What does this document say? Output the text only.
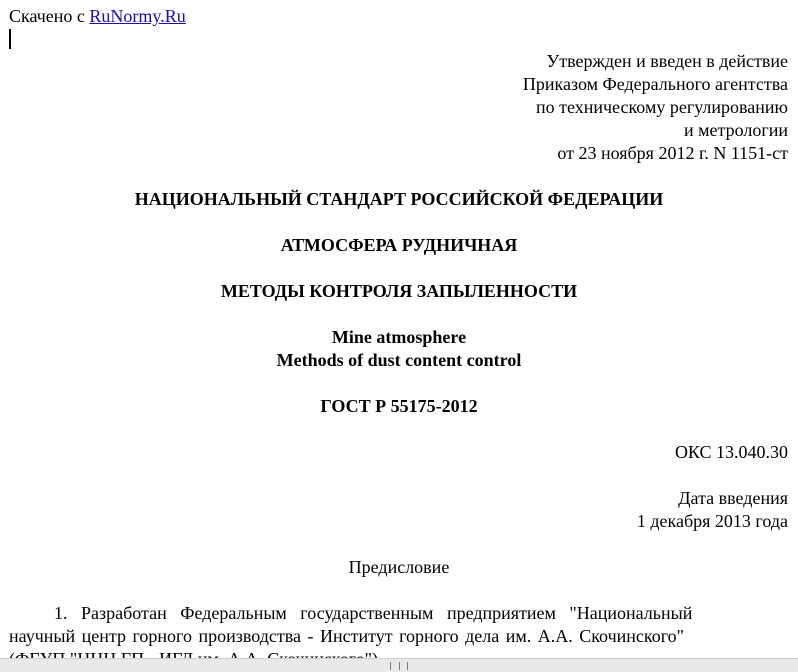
Скачено с RuNormy.Ru
Утвержден и введен в действие
Приказом Федерального агентства
по техническому регулированию
и метрологии
от 23 ноября 2012 г. N 1151-ст
НАЦИОНАЛЬНЫЙ СТАНДАРТ РОССИЙСКОЙ ФЕДЕРАЦИИ
АТМОСФЕРА РУДНИЧНАЯ
МЕТОДЫ КОНТРОЛЯ ЗАПЫЛЕННОСТИ
Mine atmosphere
Methods of dust content control
ГОСТ Р 55175-2012
ОКС 13.040.30
Дата введения
1 декабря 2013 года
Предисловие
1. Разработан Федеральным государственным предприятием "Национальный
научный центр горного производства - Институт горного дела им. А.А. Скочинского"
